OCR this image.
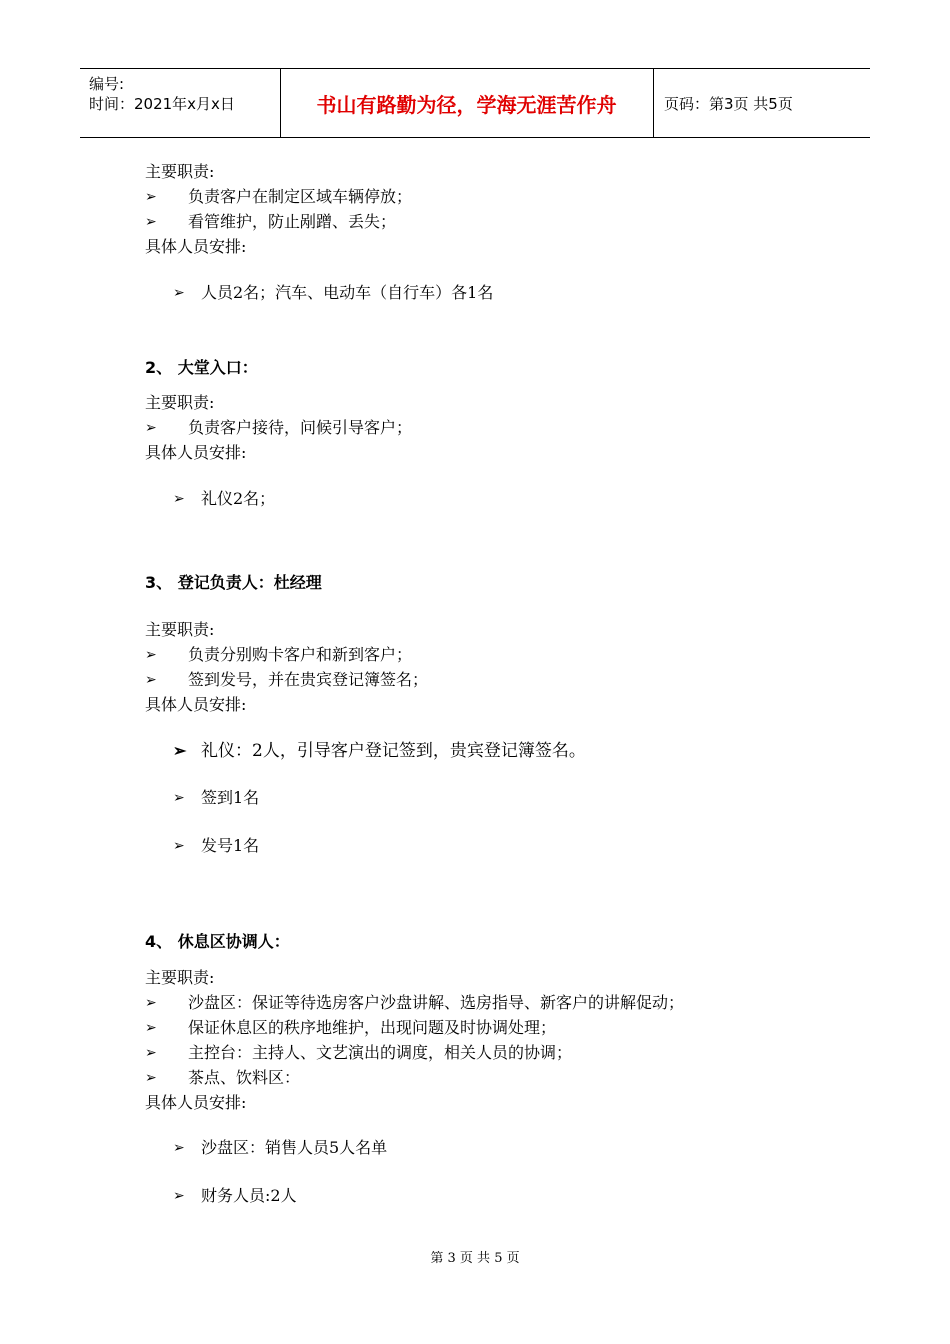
编号:
时间：2021年x月x日	书山有路勤为径，学海无涯苦作舟	页码：第3页 共5页
主要职责:
➢ 负责客户在制定区域车辆停放；
➢ 看管维护，防止剐蹭、丢失；
具体人员安排:
➢ 人员2名；汽车、电动车（自行车）各1名
2、 大堂入口：
主要职责:
➢ 负责客户接待，问候引导客户；
具体人员安排:
➢ 礼仪2名；
3、 登记负责人：杜经理
主要职责:
➢ 负责分别购卡客户和新到客户；
➢ 签到发号，并在贵宾登记簿签名；
具体人员安排:
➢ 礼仪：2人，引导客户登记签到，贵宾登记簿签名。
➢ 签到1名
➢ 发号1名
4、 休息区协调人：
主要职责:
➢ 沙盘区：保证等待选房客户沙盘讲解、选房指导、新客户的讲解促动；
➢ 保证休息区的秩序地维护，出现问题及时协调处理；
➢ 主控台：主持人、文艺演出的调度，相关人员的协调；
➢ 茶点、饮料区：
具体人员安排:
➢ 沙盘区：销售人员5人名单
➢ 财务人员:2人
第 3 页 共 5 页
